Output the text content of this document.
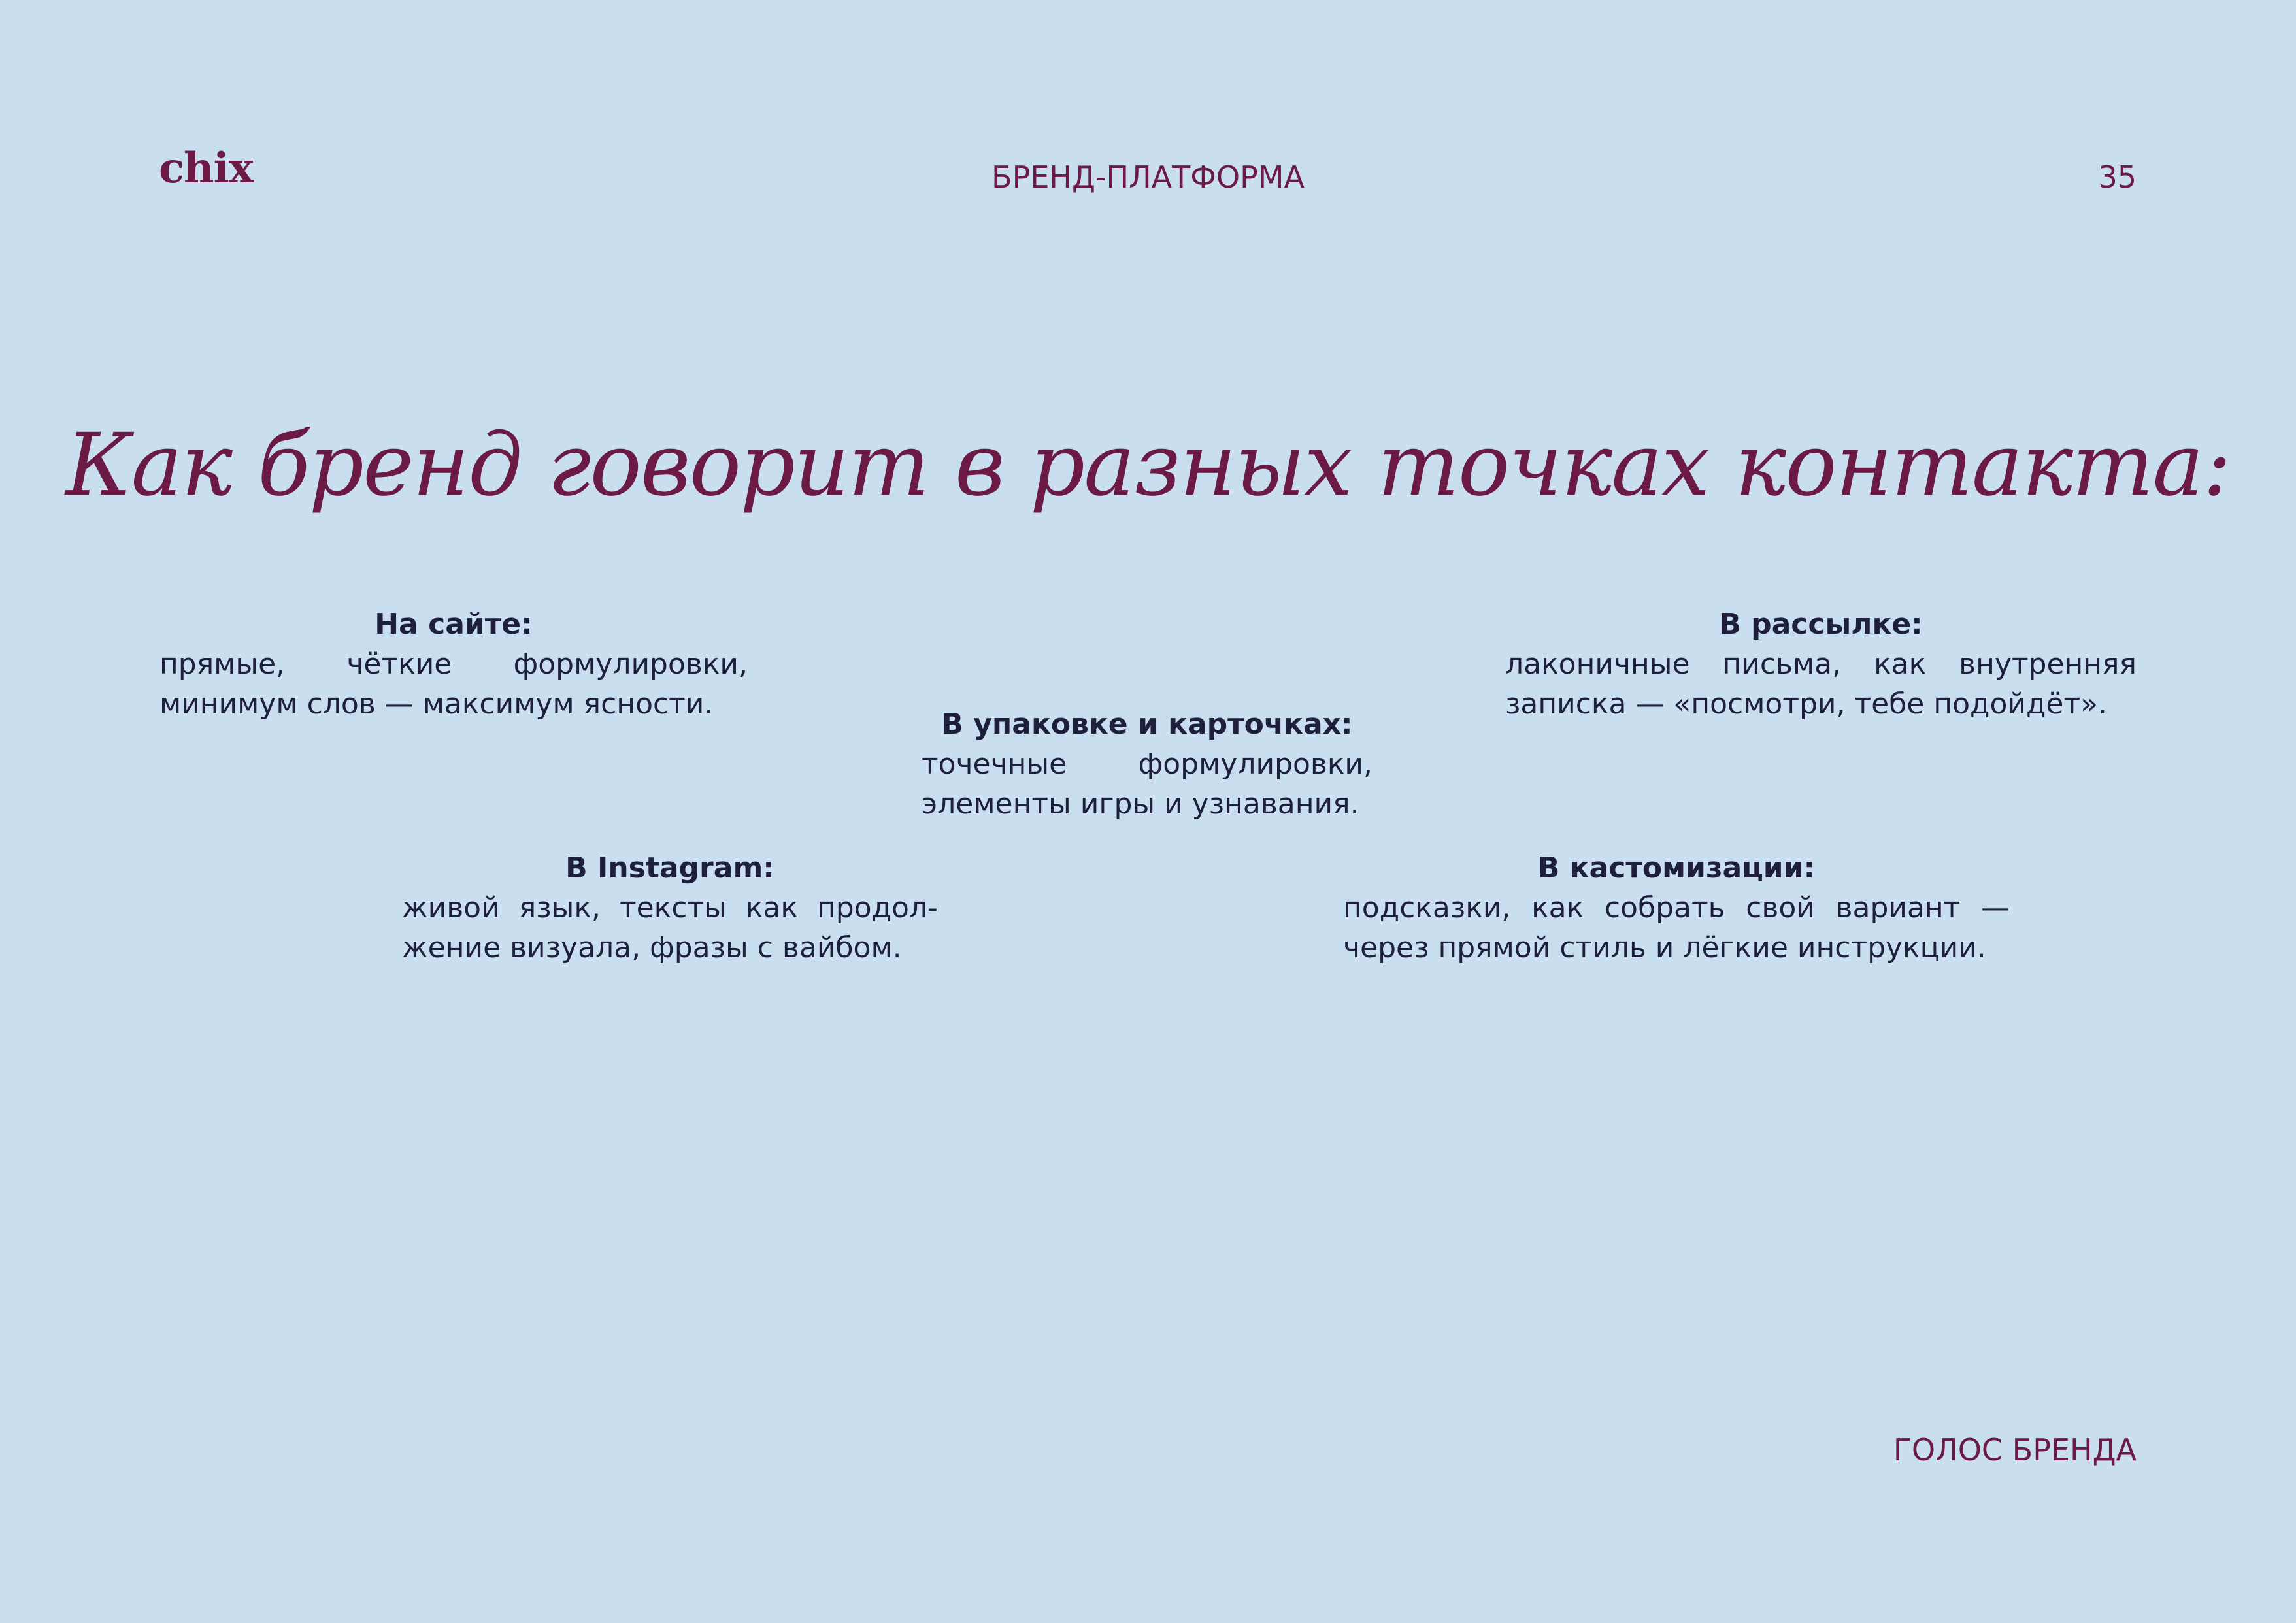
chix	БРЕНД-ПЛАТФОРМА	35
Как бренд говорит в разных точках контакта:
На сайте:
прямые, чёткие формулировки, минимум слов — максимум ясности.
В рассылке:
лаконичные письма, как внутренняя записка — «посмотри, тебе подойдёт».
В упаковке и карточках:
точечные формулировки, элементы игры и узнавания.
В Instagram:
живой язык, тексты как продолжение визуала, фразы с вайбом.
В кастомизации:
подсказки, как собрать свой вариант — через прямой стиль и лёгкие инструкции.
ГОЛОС БРЕНДА
